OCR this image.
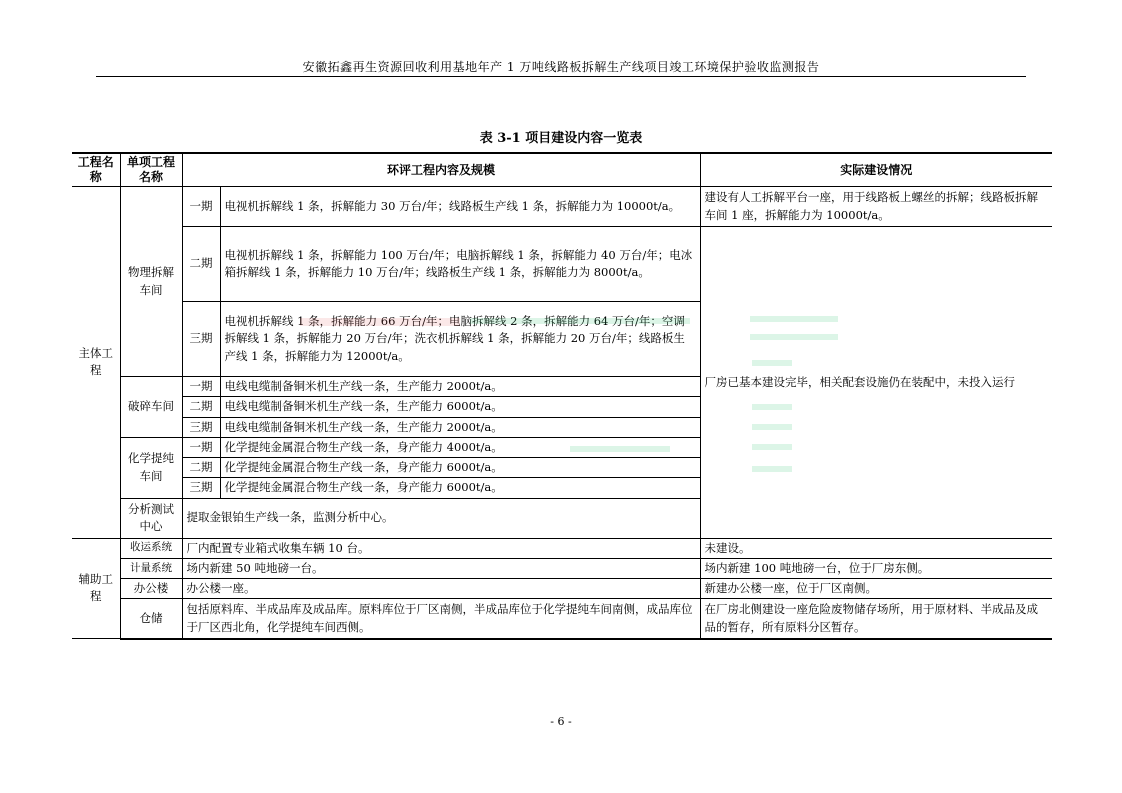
安徽拓鑫再生资源回收利用基地年产 1 万吨线路板拆解生产线项目竣工环境保护验收监测报告
表 3-1 项目建设内容一览表
工程名称	单项工程名称	环评工程内容及规模		实际建设情况
主体工程	物理拆解车间	一期	电视机拆解线 1 条，拆解能力 30 万台/年；线路板生产线 1 条，拆解能力为 10000t/a。	建设有人工拆解平台一座，用于线路板上螺丝的拆解；线路板拆解车间 1 座，拆解能力为 10000t/a。
		二期	电视机拆解线 1 条，拆解能力 100 万台/年；电脑拆解线 1 条，拆解能力 40 万台/年；电冰箱拆解线 1 条，拆解能力 10 万台/年；线路板生产线 1 条，拆解能力为 8000t/a。	厂房已基本建设完毕，相关配套设施仍在装配中，未投入运行
		三期	电视机拆解线 1 条，拆解能力 66 万台/年；电脑拆解线 2 条，拆解能力 64 万台/年；空调拆解线 1 条，拆解能力 20 万台/年；洗衣机拆解线 1 条，拆解能力 20 万台/年；线路板生产线 1 条，拆解能力为 12000t/a。	
	破碎车间	一期	电线电缆制备铜米机生产线一条，生产能力 2000t/a。	
		二期	电线电缆制备铜米机生产线一条，生产能力 6000t/a。	
		三期	电线电缆制备铜米机生产线一条，生产能力 2000t/a。	
	化学提纯车间	一期	化学提纯金属混合物生产线一条，身产能力 4000t/a。	
		二期	化学提纯金属混合物生产线一条，身产能力 6000t/a。	
		三期	化学提纯金属混合物生产线一条，身产能力 6000t/a。	
	分析测试中心	提取金银铂生产线一条，监测分析中心。		

辅助工程	收运系统	厂内配置专业箱式收集车辆 10 台。		未建设。
	计量系统	场内新建 50 吨地磅一台。		场内新建 100 吨地磅一台，位于厂房东侧。
	办公楼	办公楼一座。		新建办公楼一座，位于厂区南侧。
	仓储	包括原料库、半成品库及成品库。原料库位于厂区南侧，半成品库位于化学提纯车间南侧，成品库位于厂区西北角，化学提纯车间西侧。		在厂房北侧建设一座危险废物储存场所，用于原材料、半成品及成品的暂存，所有原料分区暂存。
- 6 -
